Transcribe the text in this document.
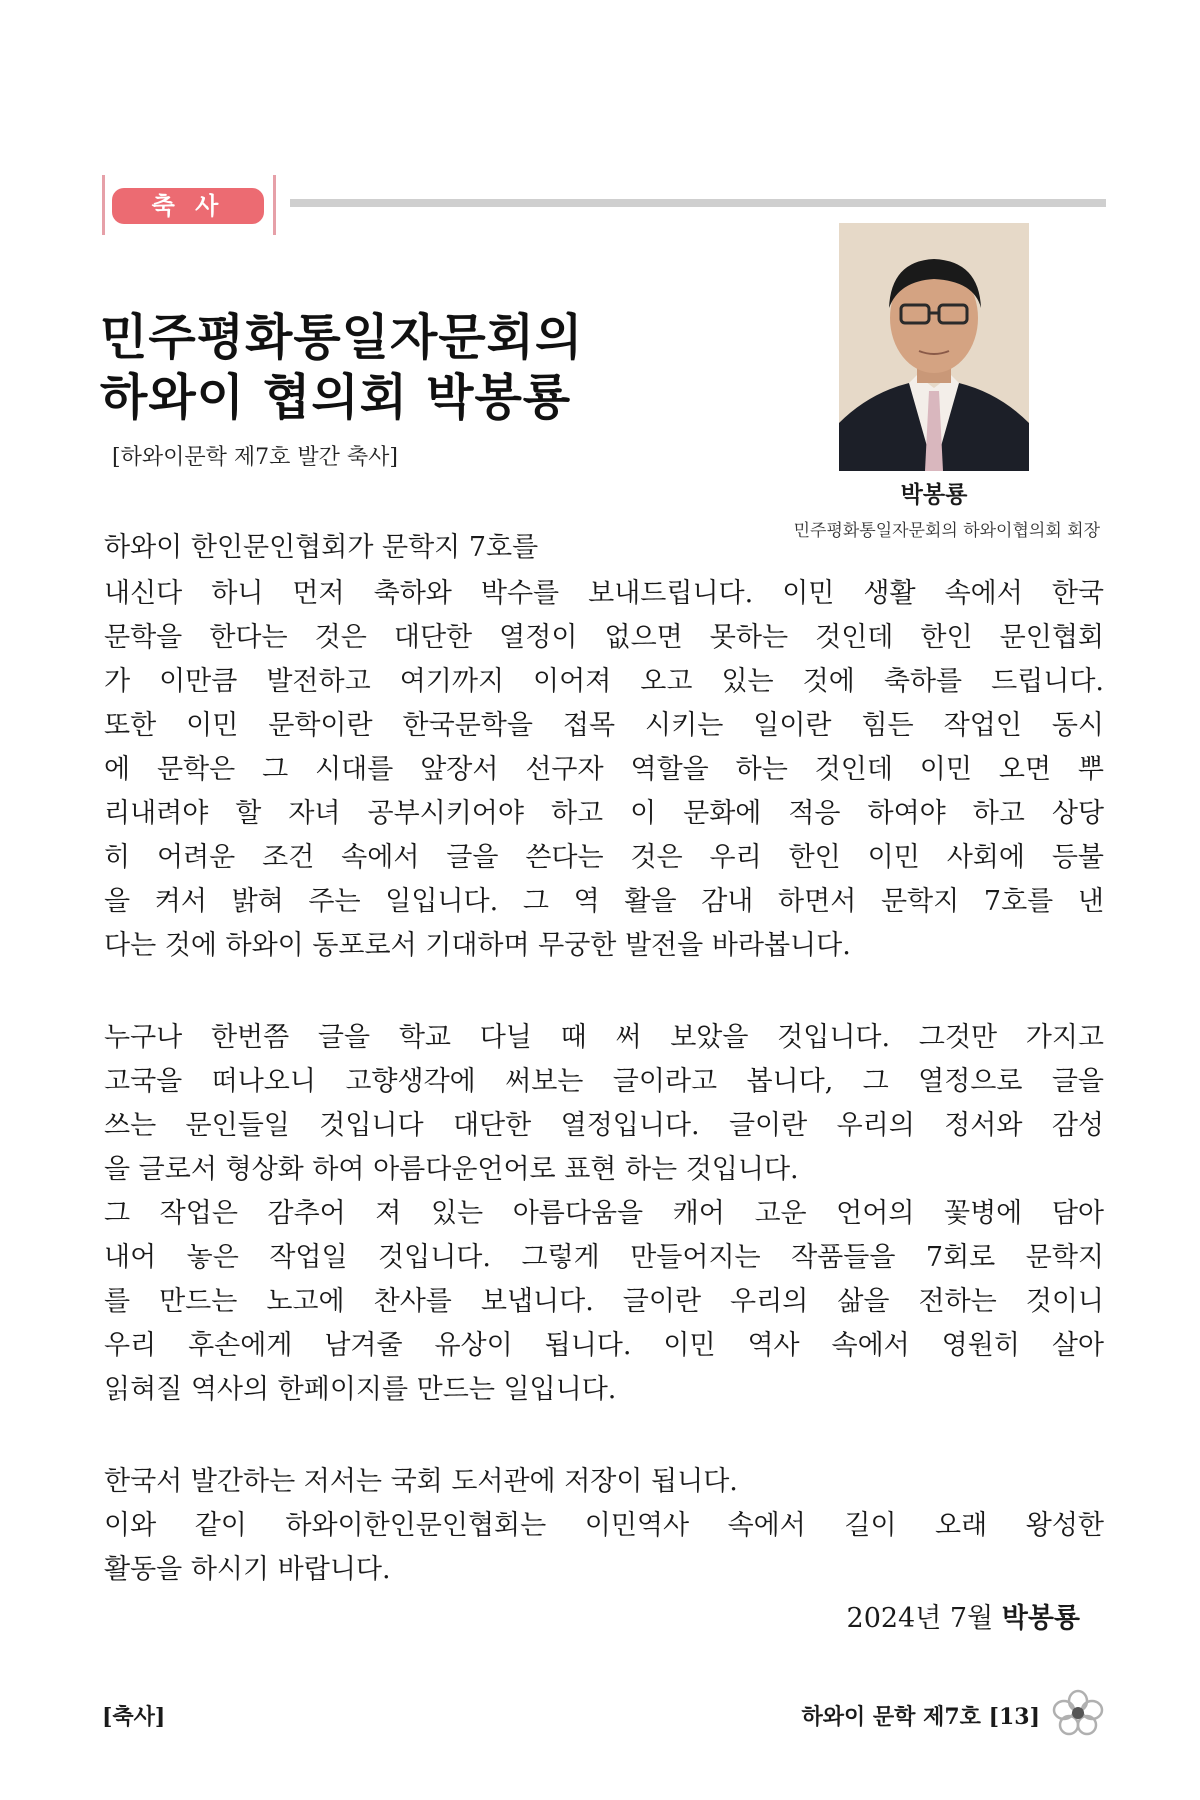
축 사
민주평화통일자문회의
하와이 협의회 박봉룡
[하와이문학 제7호 발간 축사]
박봉룡
민주평화통일자문회의 하와이협의회 회장
하와이 한인문인협회가 문학지 7호를
내신다 하니 먼저 축하와 박수를 보내드립니다. 이민 생활 속에서 한국
문학을 한다는 것은 대단한 열정이 없으면 못하는 것인데 한인 문인협회
가 이만큼 발전하고 여기까지 이어져 오고 있는 것에 축하를 드립니다.
또한 이민 문학이란 한국문학을 접목 시키는 일이란 힘든 작업인 동시
에 문학은 그 시대를 앞장서 선구자 역할을 하는 것인데 이민 오면 뿌
리내려야 할 자녀 공부시키어야 하고 이 문화에 적응 하여야 하고 상당
히 어려운 조건 속에서 글을 쓴다는 것은 우리 한인 이민 사회에 등불
을 켜서 밝혀 주는 일입니다. 그 역 활을 감내 하면서 문학지 7호를 낸
다는 것에 하와이 동포로서 기대하며 무궁한 발전을 바라봅니다.
누구나 한번쯤 글을 학교 다닐 때 써 보았을 것입니다. 그것만 가지고
고국을 떠나오니 고향생각에 써보는 글이라고 봅니다, 그 열정으로 글을
쓰는 문인들일 것입니다 대단한 열정입니다. 글이란 우리의 정서와 감성
을 글로서 형상화 하여 아름다운언어로 표현 하는 것입니다.
그 작업은 감추어 져 있는 아름다움을 캐어 고운 언어의 꽃병에 담아
내어 놓은 작업일 것입니다. 그렇게 만들어지는 작품들을 7회로 문학지
를 만드는 노고에 찬사를 보냅니다. 글이란 우리의 삶을 전하는 것이니
우리 후손에게 남겨줄 유상이 됩니다. 이민 역사 속에서 영원히 살아
읽혀질 역사의 한페이지를 만드는 일입니다.
한국서 발간하는 저서는 국회 도서관에 저장이 됩니다.
이와 같이 하와이한인문인협회는 이민역사 속에서 길이 오래 왕성한
활동을 하시기 바랍니다.
2024년 7월 박봉룡
[축사]	하와이 문학 제7호 [13]
